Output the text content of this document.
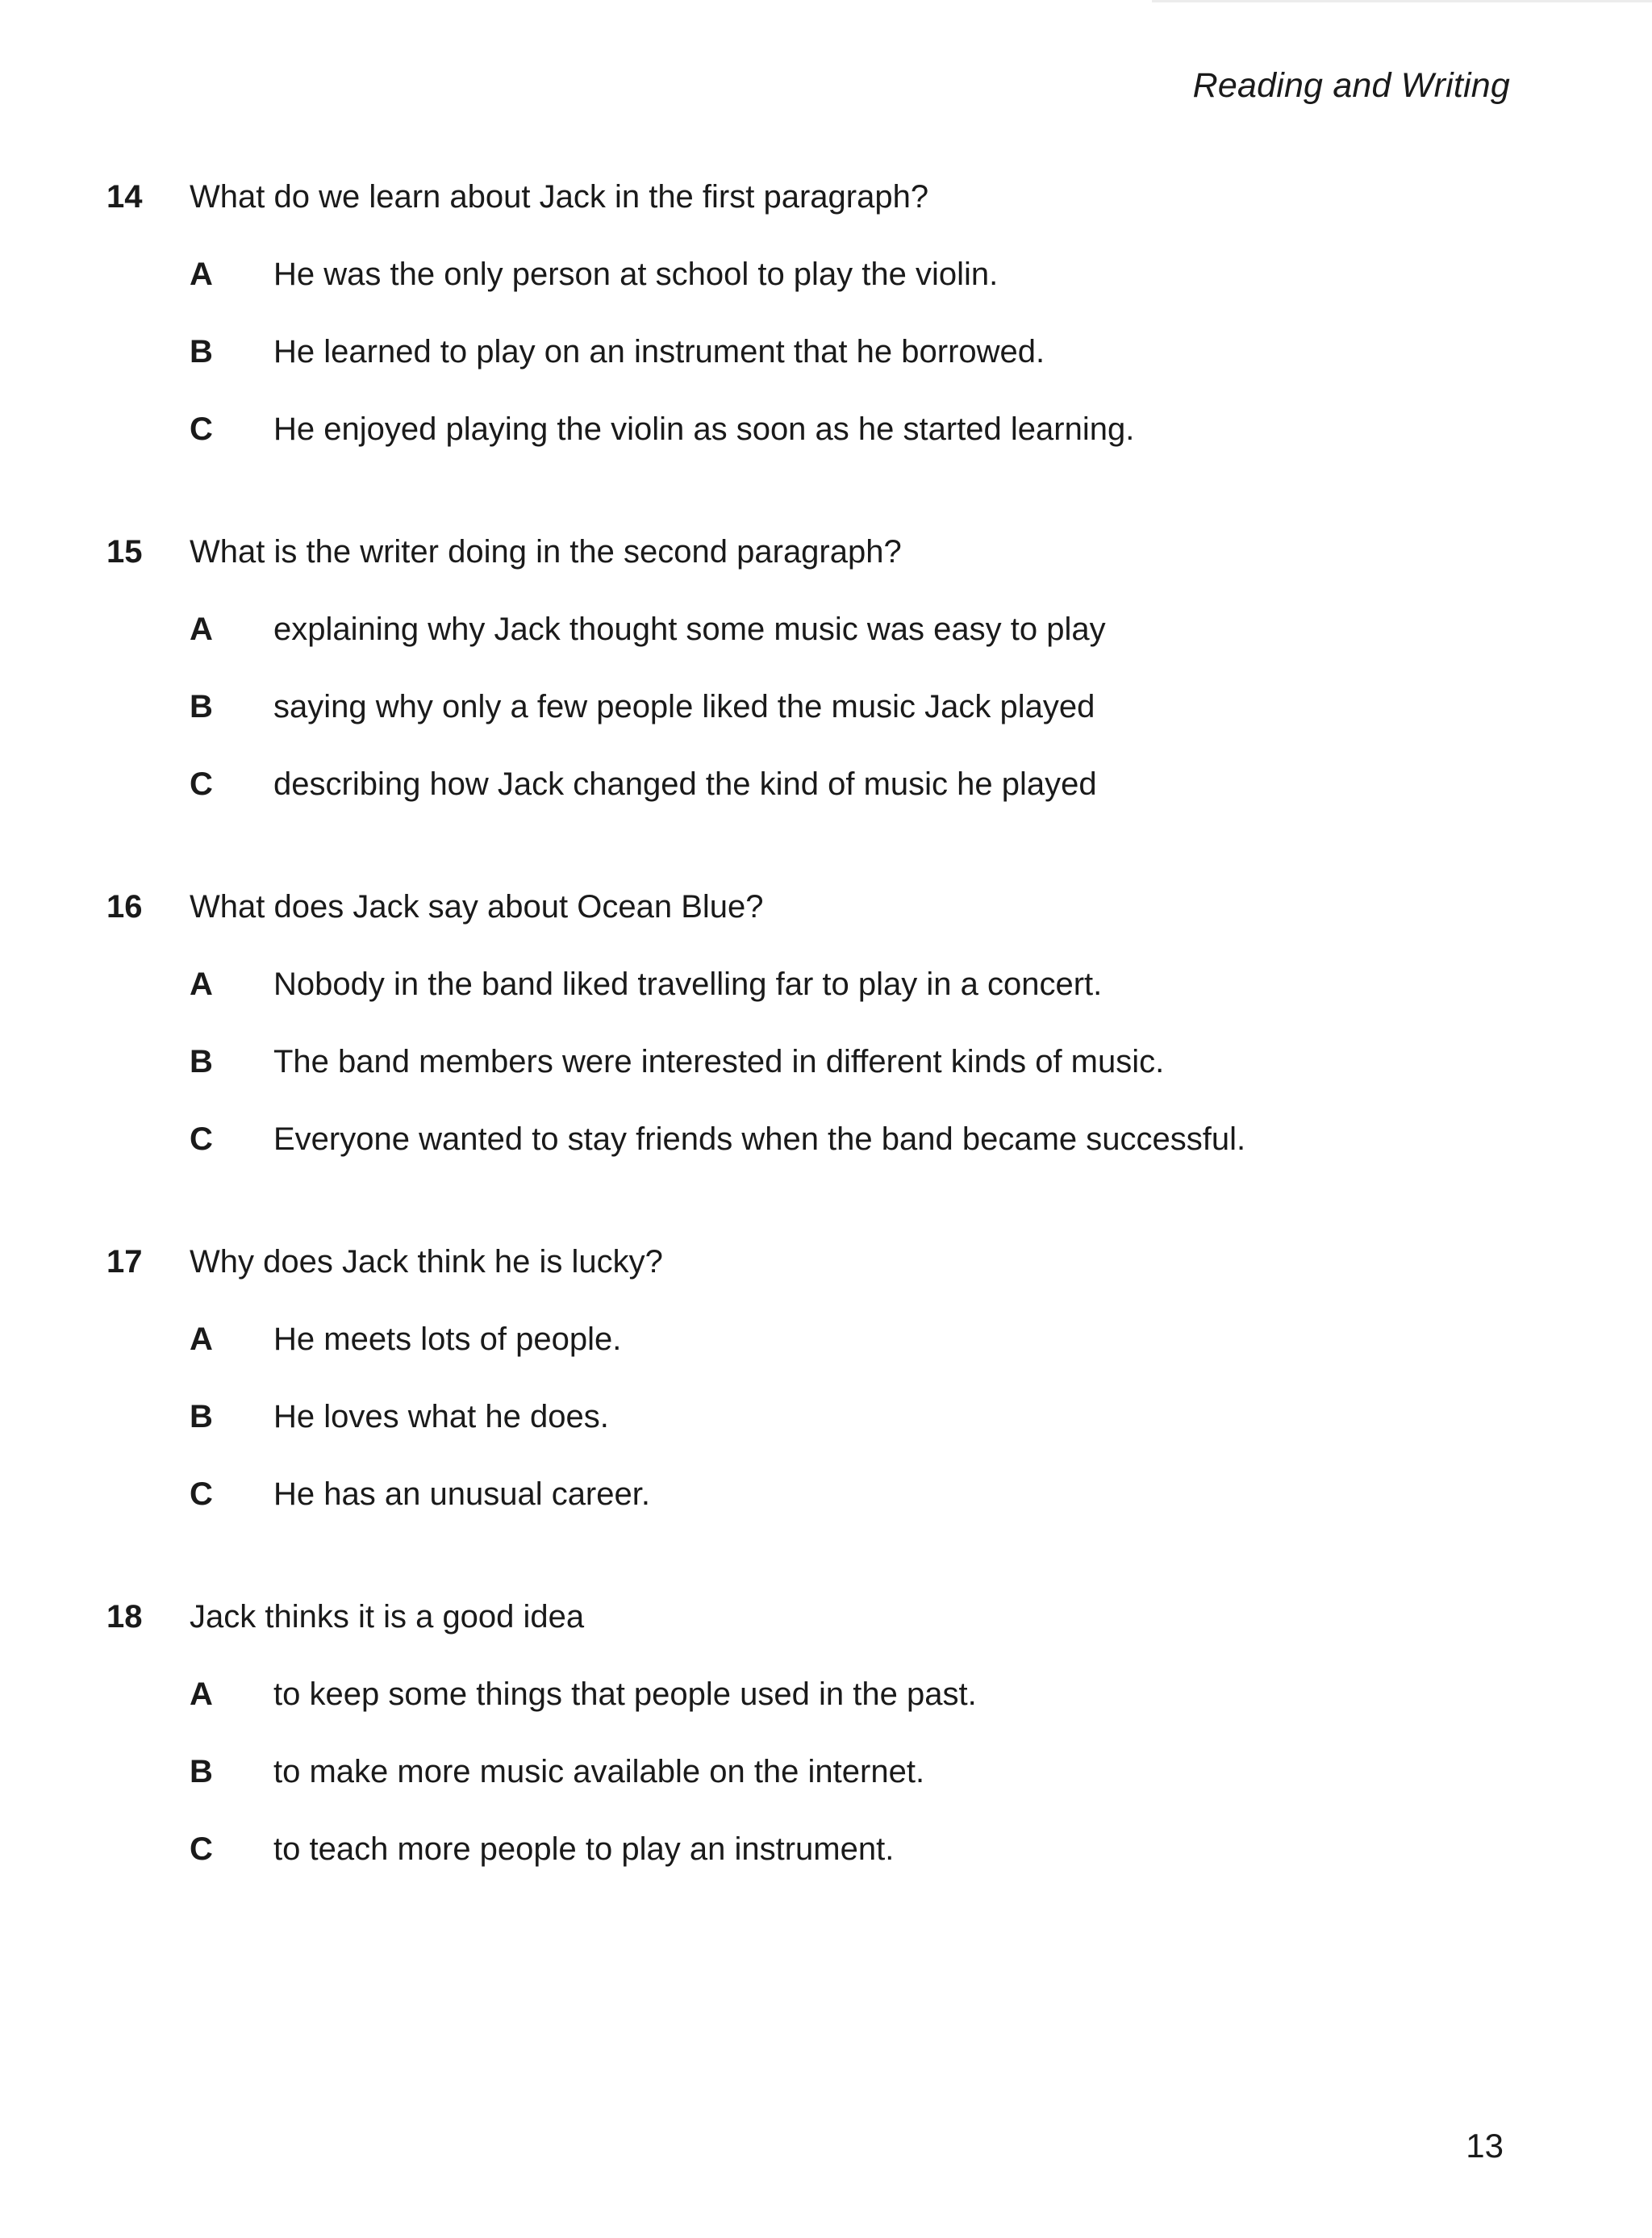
Reading and Writing
14	What do we learn about Jack in the first paragraph?
A	He was the only person at school to play the violin.
B	He learned to play on an instrument that he borrowed.
C	He enjoyed playing the violin as soon as he started learning.
15	What is the writer doing in the second paragraph?
A	explaining why Jack thought some music was easy to play
B	saying why only a few people liked the music Jack played
C	describing how Jack changed the kind of music he played
16	What does Jack say about Ocean Blue?
A	Nobody in the band liked travelling far to play in a concert.
B	The band members were interested in different kinds of music.
C	Everyone wanted to stay friends when the band became successful.
17	Why does Jack think he is lucky?
A	He meets lots of people.
B	He loves what he does.
C	He has an unusual career.
18	Jack thinks it is a good idea
A	to keep some things that people used in the past.
B	to make more music available on the internet.
C	to teach more people to play an instrument.
13
